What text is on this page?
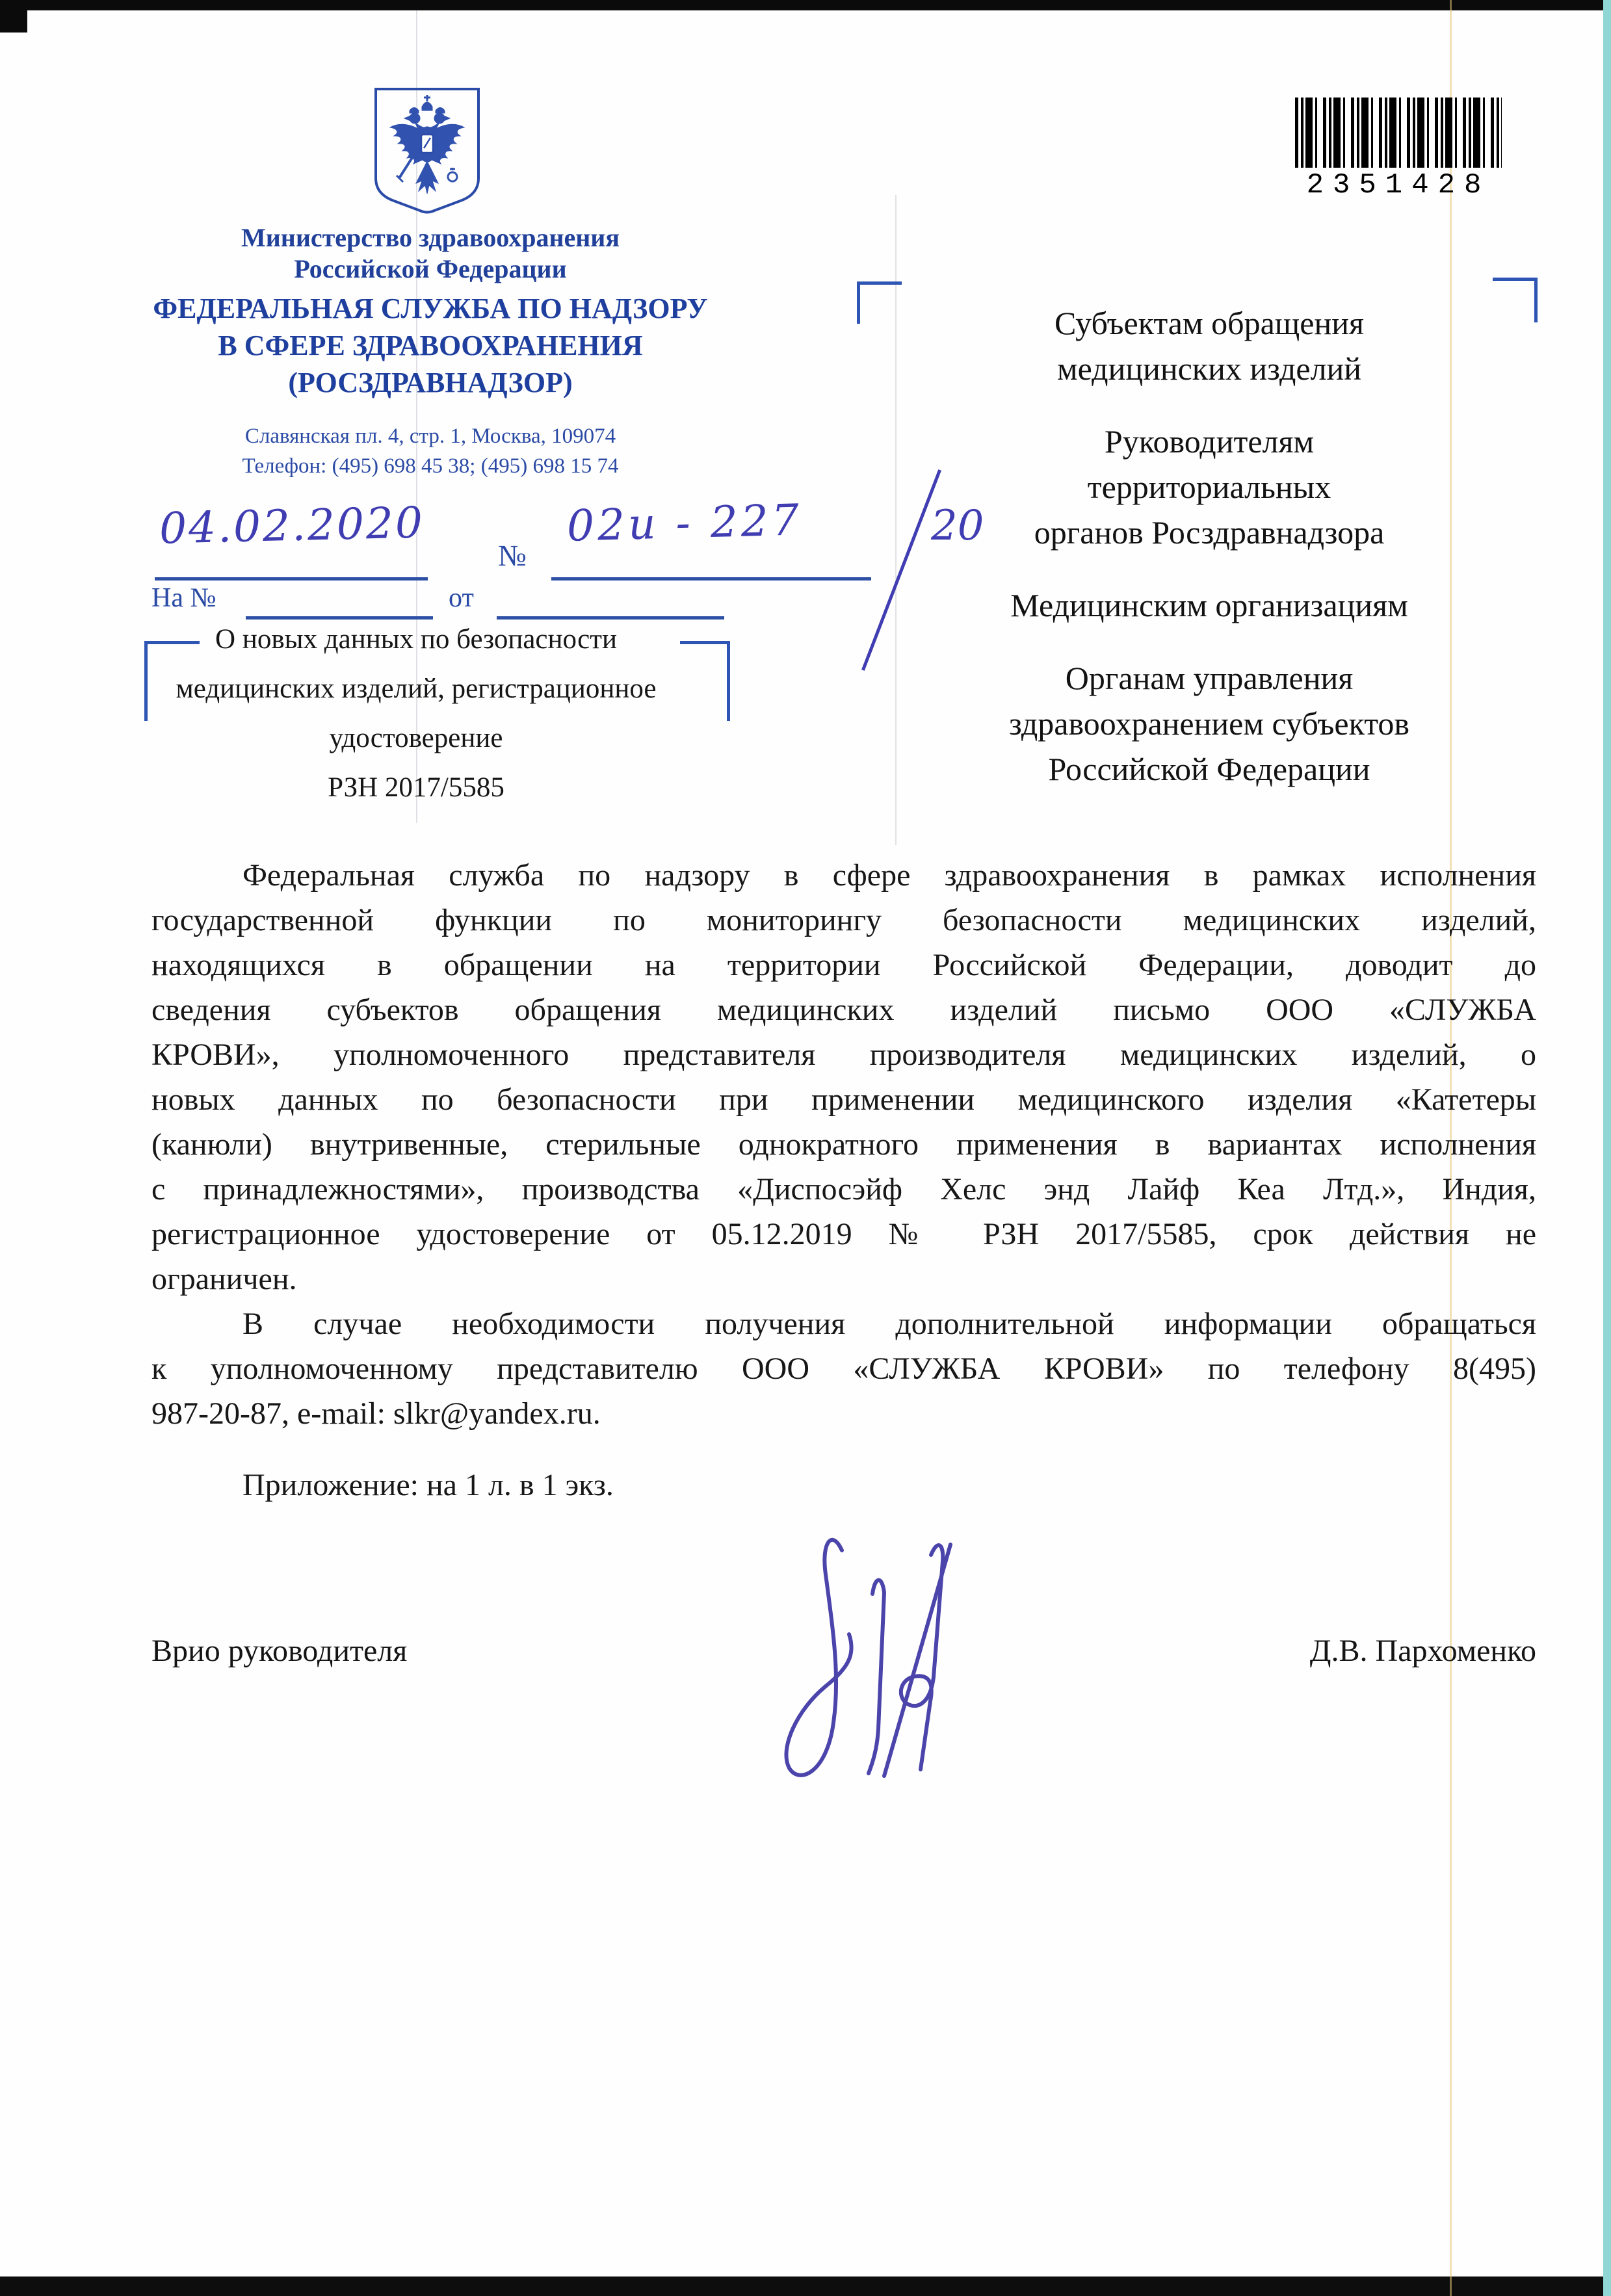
Министерство здравоохранения
Российской Федерации
ФЕДЕРАЛЬНАЯ СЛУЖБА ПО НАДЗОРУ
В СФЕРЕ ЗДРАВООХРАНЕНИЯ
(РОСЗДРАВНАДЗОР)
Славянская пл. 4, стр. 1, Москва, 109074
Телефон: (495) 698 45 38; (495) 698 15 74
2351428
04.02.2020
№
02и - 227	20
На №	от
О новых данных по безопасности
медицинских изделий, регистрационное
удостоверение
РЗН 2017/5585
Субъектам обращения
медицинских изделий
Руководителям
территориальных
органов Росздравнадзора
Медицинским организациям
Органам управления
здравоохранением субъектов
Российской Федерации
Федеральная служба по надзору в сфере здравоохранения в рамках исполнения
государственной функции по мониторингу безопасности медицинских изделий,
находящихся в обращении на территории Российской Федерации, доводит до
сведения субъектов обращения медицинских изделий письмо ООО «СЛУЖБА
КРОВИ», уполномоченного представителя производителя медицинских изделий, о
новых данных по безопасности при применении медицинского изделия «Катетеры
(канюли) внутривенные, стерильные однократного применения в вариантах исполнения
с принадлежностями», производства «Диспосэйф Хелс энд Лайф Кеа Лтд.», Индия,
регистрационное удостоверение от 05.12.2019 № РЗН 2017/5585, срок действия не
ограничен.
В случае необходимости получения дополнительной информации обращаться
к уполномоченному представителю ООО «СЛУЖБА КРОВИ» по телефону 8(495)
987-20-87, e-mail: slkr@yandex.ru.
Приложение: на 1 л. в 1 экз.
Врио руководителя	Д.В. Пархоменко
